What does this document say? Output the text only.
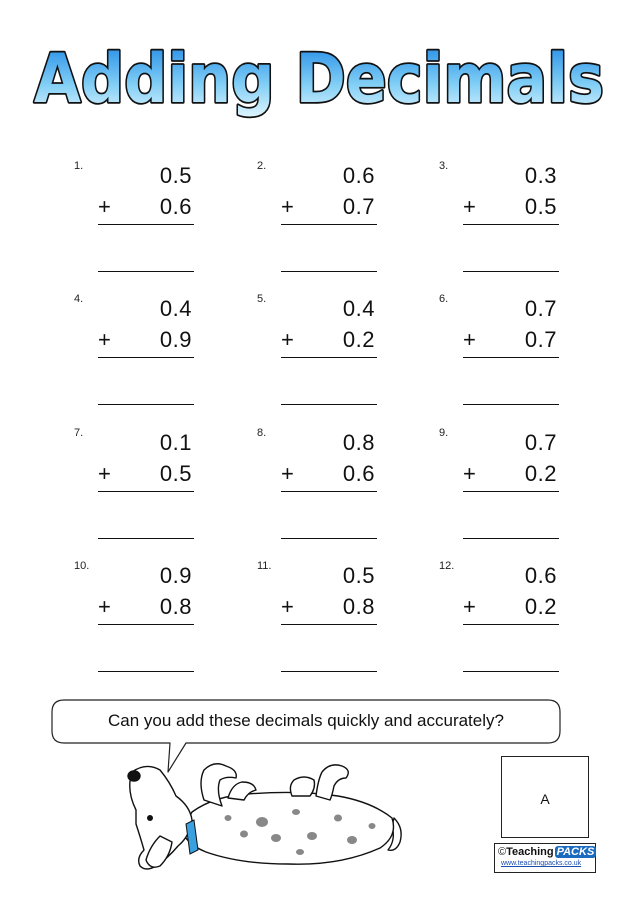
Adding Decimals
1.	0.5
+ 0.6
2.	0.6
+ 0.7
3.	0.3
+ 0.5
4.	0.4
+ 0.9
5.	0.4
+ 0.2
6.	0.7
+ 0.7
7.	0.1
+ 0.5
8.	0.8
+ 0.6
9.	0.7
+ 0.2
10.	0.9
+ 0.8
11.	0.5
+ 0.8
12.	0.6
+ 0.2
Can you add these decimals quickly and accurately?
A
©Teaching PACKS
www.teachingpacks.co.uk
